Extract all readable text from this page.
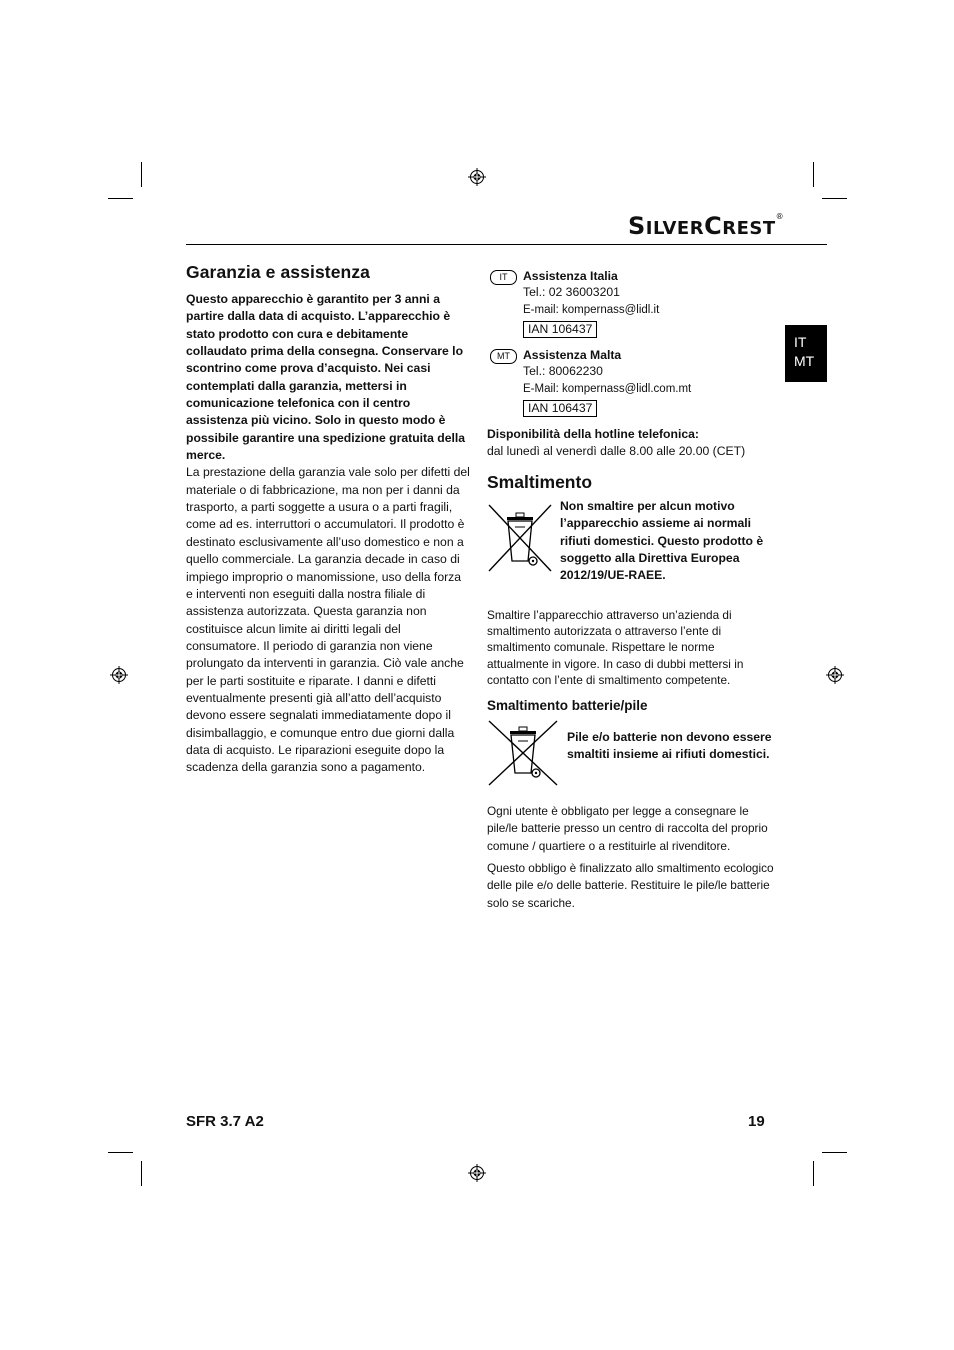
SILVERCREST®
IT
MT
Garanzia e assistenza

Questo apparecchio è garantito per 3 anni a partire dalla data di acquisto. L’apparecchio è stato prodotto con cura e debitamente collaudato prima della consegna. Conservare lo scontrino come prova d’acquisto. Nei casi contemplati dalla garanzia, mettersi in comunicazione telefonica con il centro assistenza più vicino. Solo in questo modo è possibile garantire una spedizione gratuita della merce.

La prestazione della garanzia vale solo per difetti del materiale o di fabbricazione, ma non per i danni da trasporto, a parti soggette a usura o a parti fragili, come ad es. interruttori o accumulatori. Il prodotto è destinato esclusivamente all’uso domestico e non a quello commerciale. La garanzia decade in caso di impiego improprio o manomissione, uso della forza e interventi non eseguiti dalla nostra filiale di assistenza autorizzata. Questa garanzia non costituisce alcun limite ai diritti legali del consumatore. Il periodo di garanzia non viene prolungato da interventi in garanzia. Ciò vale anche per le parti sostituite e riparate. I danni e difetti eventualmente presenti già all’atto dell’acquisto devono essere segnalati immediatamente dopo il disimballaggio, e comunque entro due giorni dalla data di acquisto. Le riparazioni eseguite dopo la scadenza della garanzia sono a pagamento.

IT	Assistenza Italia
Tel.: 02 36003201
E-mail: kompernass@lidl.it
IAN 106437
MT	Assistenza Malta
Tel.: 80062230
E-Mail: kompernass@lidl.com.mt
IAN 106437
Disponibilità della hotline telefonica:
dal lunedì al venerdì dalle 8.00 alle 20.00 (CET)
Smaltimento
Non smaltire per alcun motivo l’apparecchio assieme ai normali rifiuti domestici. Questo prodotto è soggetto alla Direttiva Europea 2012/19/UE-RAEE.

Smaltire l’apparecchio attraverso un’azienda di smaltimento autorizzata o attraverso l’ente di smaltimento comunale. Rispettare le norme attualmente in vigore. In caso di dubbi mettersi in contatto con l’ente di smaltimento competente.

Smaltimento batterie/pile
Pile e/o batterie non devono essere smaltiti insieme ai rifiuti domestici.

Ogni utente è obbligato per legge a consegnare le pile/le batterie presso un centro di raccolta del proprio comune / quartiere o a restituirle al rivenditore.

Questo obbligo è finalizzato allo smaltimento ecologico delle pile e/o delle batterie. Restituire le pile/le batterie solo se scariche.

SFR 3.7 A2	19
